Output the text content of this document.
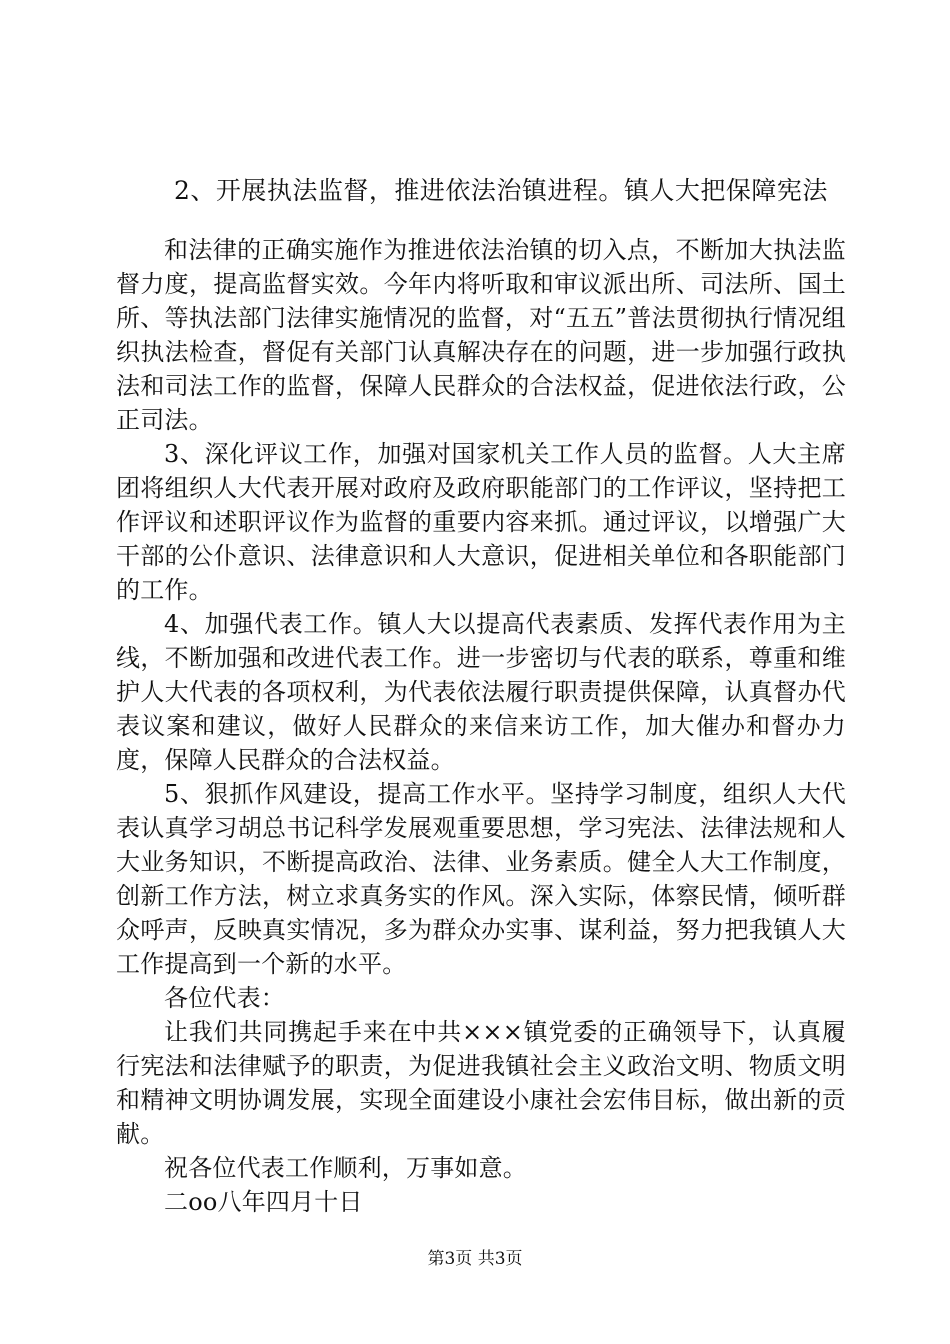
2、开展执法监督，推进依法治镇进程。镇人大把保障宪法

和法律的正确实施作为推进依法治镇的切入点，不断加大执法监督力度，提高监督实效。今年内将听取和审议派出所、司法所、国土所、等执法部门法律实施情况的监督，对“五五”普法贯彻执行情况组织执法检查，督促有关部门认真解决存在的问题，进一步加强行政执法和司法工作的监督，保障人民群众的合法权益，促进依法行政，公正司法。

3、深化评议工作，加强对国家机关工作人员的监督。人大主席团将组织人大代表开展对政府及政府职能部门的工作评议，坚持把工作评议和述职评议作为监督的重要内容来抓。通过评议，以增强广大干部的公仆意识、法律意识和人大意识，促进相关单位和各职能部门的工作。

4、加强代表工作。镇人大以提高代表素质、发挥代表作用为主线，不断加强和改进代表工作。进一步密切与代表的联系，尊重和维护人大代表的各项权利，为代表依法履行职责提供保障，认真督办代表议案和建议，做好人民群众的来信来访工作，加大催办和督办力度，保障人民群众的合法权益。

5、狠抓作风建设，提高工作水平。坚持学习制度，组织人大代表认真学习胡总书记科学发展观重要思想，学习宪法、法律法规和人大业务知识，不断提高政治、法律、业务素质。健全人大工作制度，创新工作方法，树立求真务实的作风。深入实际，体察民情，倾听群众呼声，反映真实情况，多为群众办实事、谋利益，努力把我镇人大工作提高到一个新的水平。

各位代表：

让我们共同携起手来在中共×××镇党委的正确领导下，认真履行宪法和法律赋予的职责，为促进我镇社会主义政治文明、物质文明和精神文明协调发展，实现全面建设小康社会宏伟目标，做出新的贡献。

祝各位代表工作顺利，万事如意。

二oo八年四月十日

第3页 共3页
